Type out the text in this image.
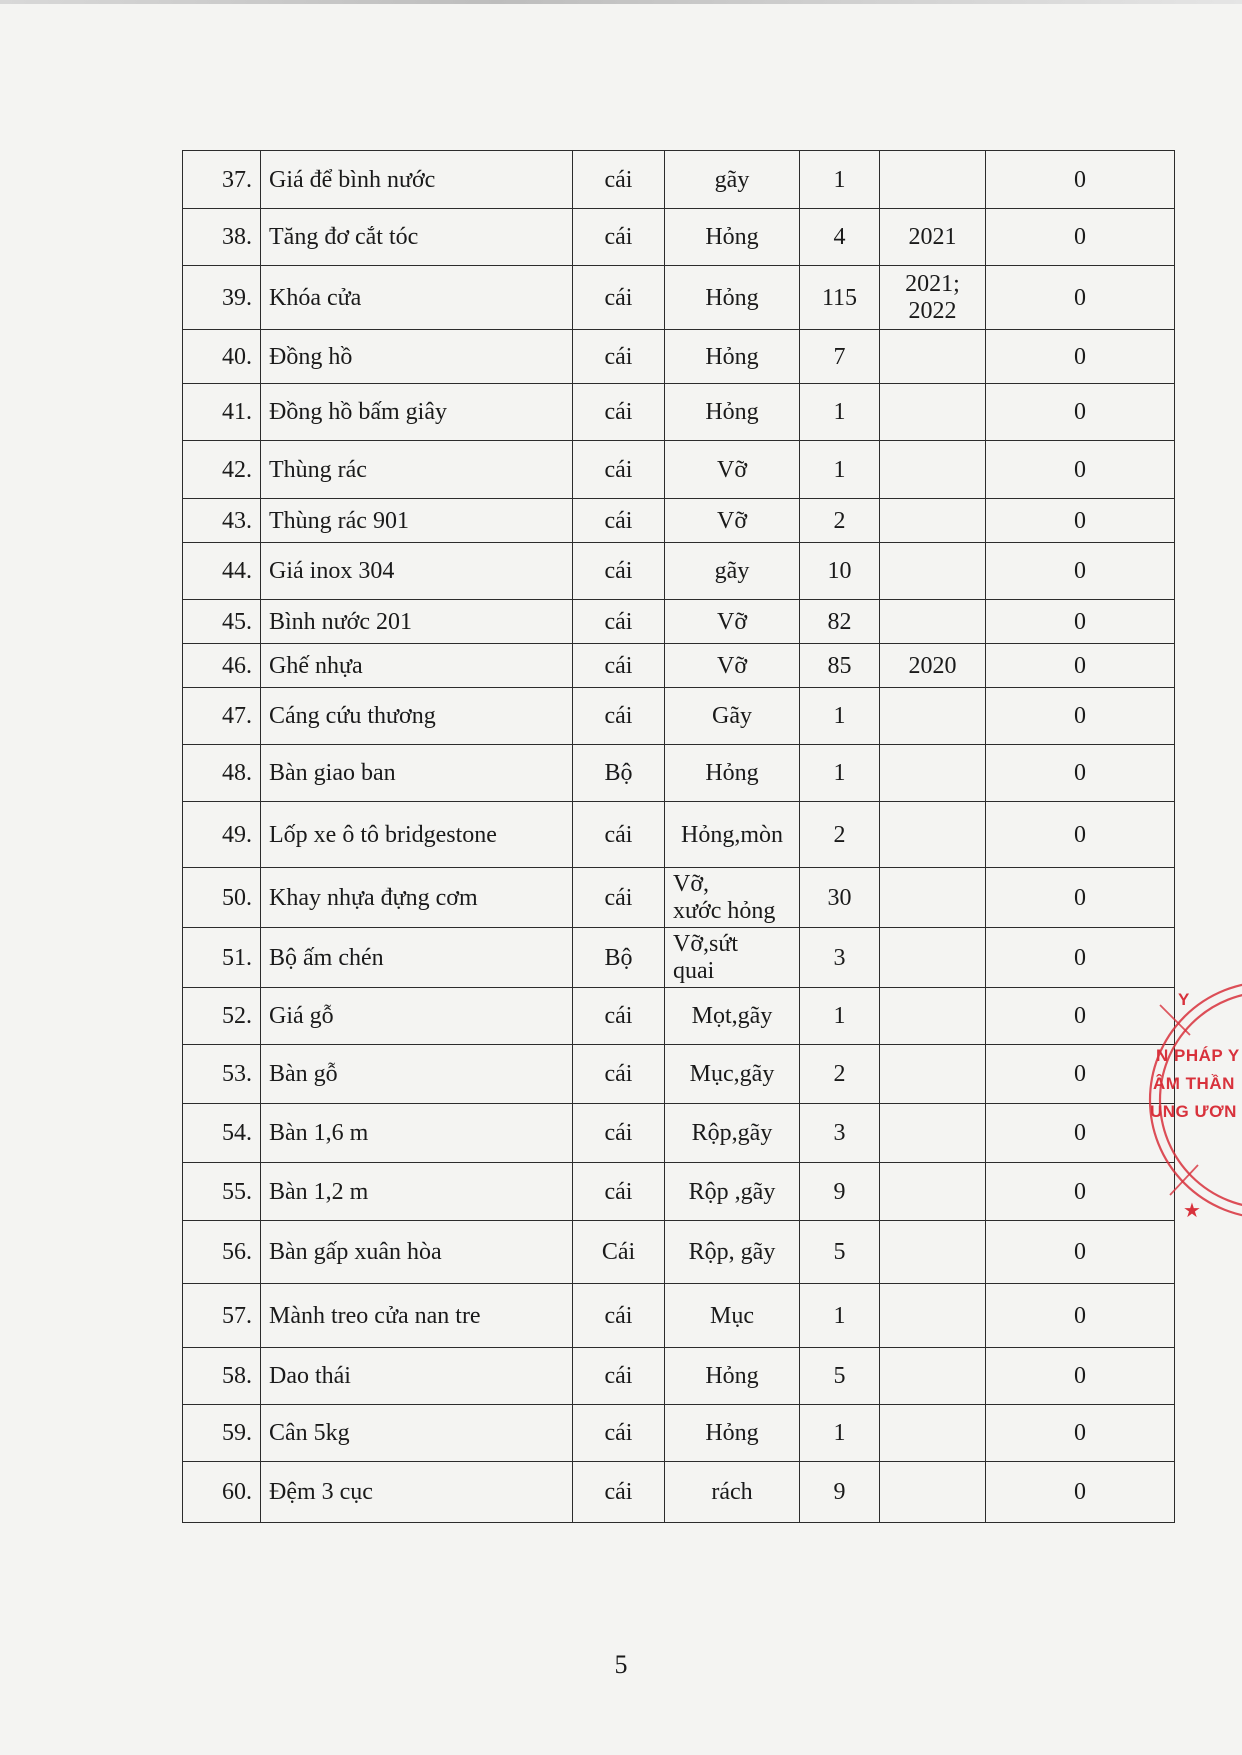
37.	Giá để bình nước	cái	gãy	1		0
38.	Tăng đơ cắt tóc	cái	Hỏng	4	2021	0
39.	Khóa cửa	cái	Hỏng	115	2021;
2022	0
40.	Đồng hồ	cái	Hỏng	7		0
41.	Đồng hồ bấm giây	cái	Hỏng	1		0
42.	Thùng rác	cái	Vỡ	1		0
43.	Thùng rác 901	cái	Vỡ	2		0
44.	Giá inox 304	cái	gãy	10		0
45.	Bình nước 201	cái	Vỡ	82		0
46.	Ghế nhựa	cái	Vỡ	85	2020	0
47.	Cáng cứu thương	cái	Gãy	1		0
48.	Bàn giao ban	Bộ	Hỏng	1		0
49.	Lốp xe ô tô bridgestone	cái	Hỏng,mòn	2		0
50.	Khay nhựa đựng cơm	cái	Vỡ,
xước hỏng	30		0
51.	Bộ ấm chén	Bộ	Vỡ,sứt
quai	3		0
52.	Giá gỗ	cái	Mọt,gãy	1		0
53.	Bàn gỗ	cái	Mục,gãy	2		0
54.	Bàn 1,6 m	cái	Rộp,gãy	3		0
55.	Bàn 1,2 m	cái	Rộp ,gãy	9		0
56.	Bàn gấp xuân hòa	Cái	Rộp, gãy	5		0
57.	Mành treo cửa nan tre	cái	Mục	1		0
58.	Dao thái	cái	Hỏng	5		0
59.	Cân 5kg	cái	Hỏng	1		0
60.	Đệm 3 cục	cái	rách	9		0
Y
N PHÁP Y
ÂM THẦN
UNG ƯƠN
★
5
